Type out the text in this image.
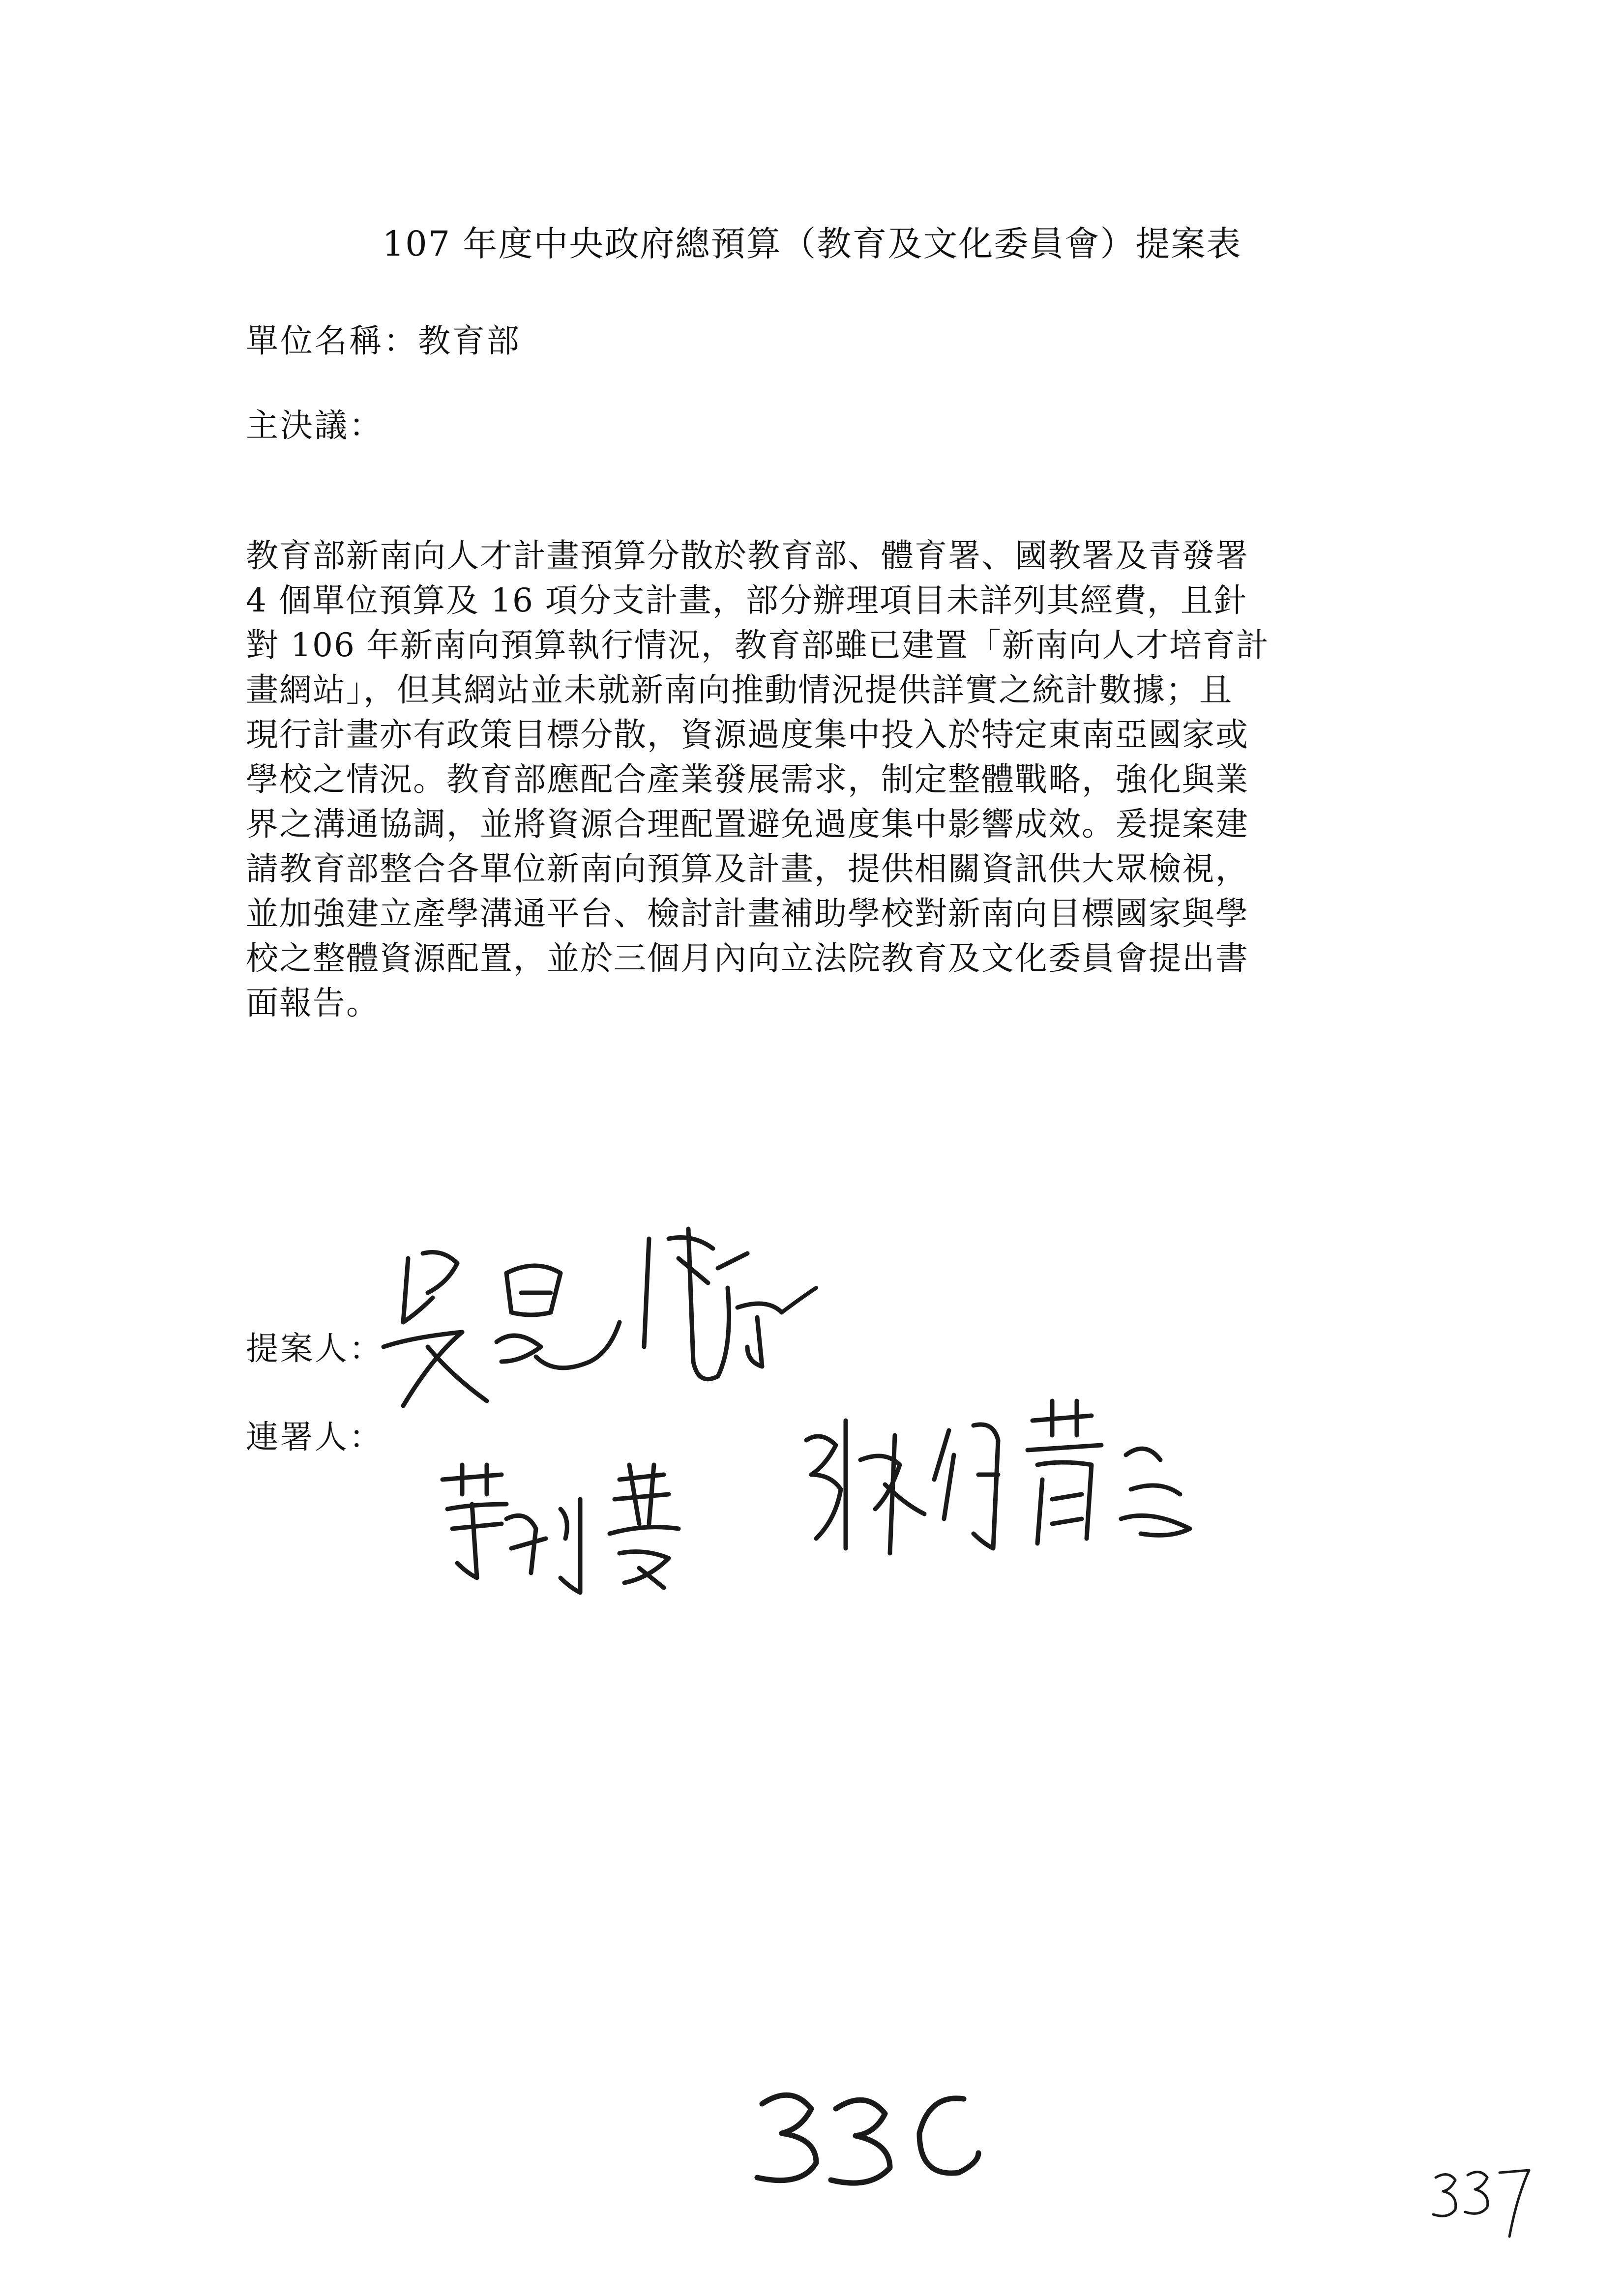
107 年度中央政府總預算（教育及文化委員會）提案表
單位名稱：教育部
主決議：
教育部新南向人才計畫預算分散於教育部、體育署、國教署及青發署
4 個單位預算及 16 項分支計畫，部分辦理項目未詳列其經費，且針
對 106 年新南向預算執行情況，教育部雖已建置「新南向人才培育計
畫網站」，但其網站並未就新南向推動情況提供詳實之統計數據；且
現行計畫亦有政策目標分散，資源過度集中投入於特定東南亞國家或
學校之情況。教育部應配合產業發展需求，制定整體戰略，強化與業
界之溝通協調，並將資源合理配置避免過度集中影響成效。爰提案建
請教育部整合各單位新南向預算及計畫，提供相關資訊供大眾檢視，
並加強建立產學溝通平台、檢討計畫補助學校對新南向目標國家與學
校之整體資源配置，並於三個月內向立法院教育及文化委員會提出書
面報告。
提案人：
連署人：
